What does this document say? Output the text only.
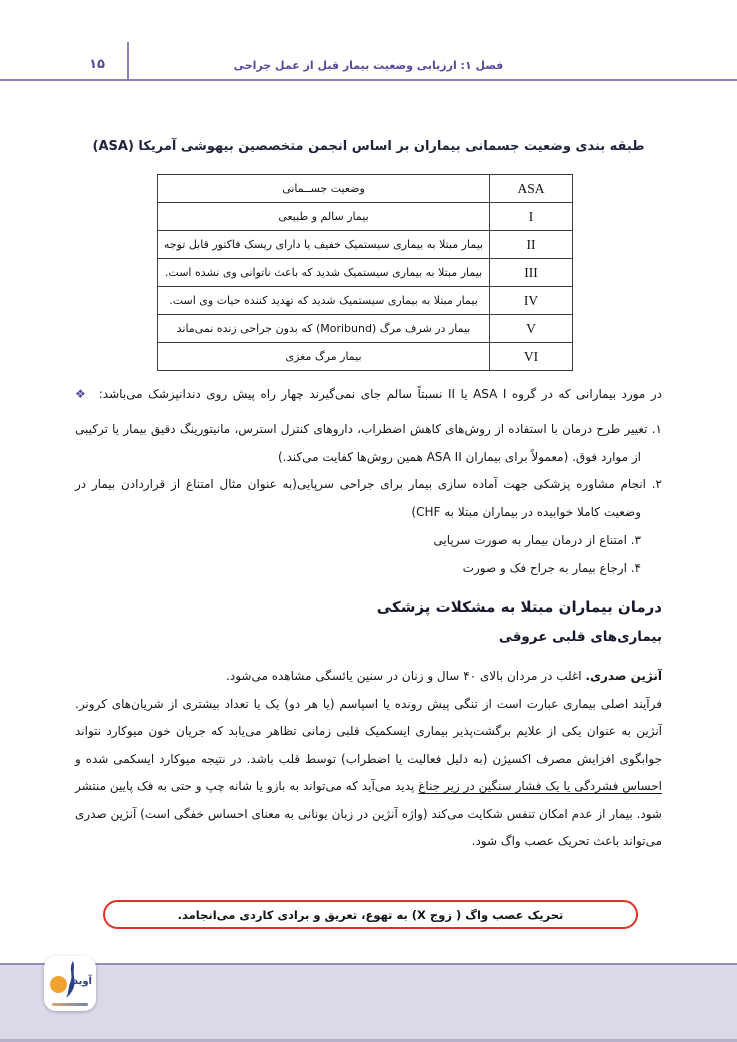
۱۵	فصل ۱: ارزیابی وضعیت بیمار قبل از عمل جراحی
طبقه بندی وضعیت جسمانی بیماران بر اساس انجمن متخصصین بیهوشی آمریکا (ASA)
ASA	وضعیت جســمانی
I	بیمار سالم و طبیعی
II	بیمار مبتلا به بیماری سیستمیک خفیف یا دارای ریسک فاکتور قابل توجه
III	بیمار مبتلا به بیماری سیستمیک شدید که باعث ناتوانی وی نشده است.
IV	بیمار مبتلا به بیماری سیستمیک شدید که تهدید کننده حیات وی است.
V	بیمار در شرف مرگ (Moribund) که بدون جراحی زنده نمی‌ماند
VI	بیمار مرگ مغزی
در مورد بیمارانی که در گروه ASA I یا II نسبتاً سالم جای نمی‌گیرند چهار راه پیش روی دندانپزشک می‌باشد:
❖
۱. تغییر طرح درمان با استفاده از روش‌های کاهش اضطراب، داروهای کنترل استرس، مانیتورینگ دقیق بیمار یا ترکیبی از موارد فوق. (معمولاً برای بیماران ASA II همین روش‌ها کفایت می‌کند.)
۲. انجام مشاوره پزشکی جهت آماده سازی بیمار برای جراحی سرپایی(به عنوان مثال امتناع از قراردادن بیمار در وضعیت کاملا خوابیده در بیماران مبتلا به CHF)
۳. امتناع از درمان بیمار به صورت سرپایی
۴. ارجاع بیمار به جراح فک و صورت
درمان بیماران مبتلا به مشکلات پزشکی
بیماری‌های قلبی عروقی

آنژین صدری. اغلب در مردان بالای ۴۰ سال و زنان در سنین یائسگی مشاهده می‌شود.

فرآیند اصلی بیماری عبارت است از تنگی پیش رونده یا اسپاسم (یا هر دو) یک یا تعداد بیشتری از شریان‌های کرونر. آنژین به عنوان یکی از علایم برگشت‌پذیر بیماری ایسکمیک قلبی زمانی تظاهر می‌یابد که جریان خون میوکارد نتواند جوابگوی افزایش مصرف اکسیژن (به دلیل فعالیت یا اضطراب) توسط قلب باشد. در نتیجه میوکارد ایسکمی شده و احساس فشردگی یا یک فشار سنگین در زیر جناغ پدید می‌آید که می‌تواند به بازو یا شانه چپ و حتی به فک پایین منتشر شود. بیمار از عدم امکان تنفس شکایت می‌کند (واژه آنژین در زبان یونانی به معنای احساس خفگی است) آنژین صدری می‌تواند باعث تحریک عصب واگ شود.

تحریک عصب واگ ( زوج X) به تهوع، تعریق و برادی کاردی می‌انجامد.
آوید
